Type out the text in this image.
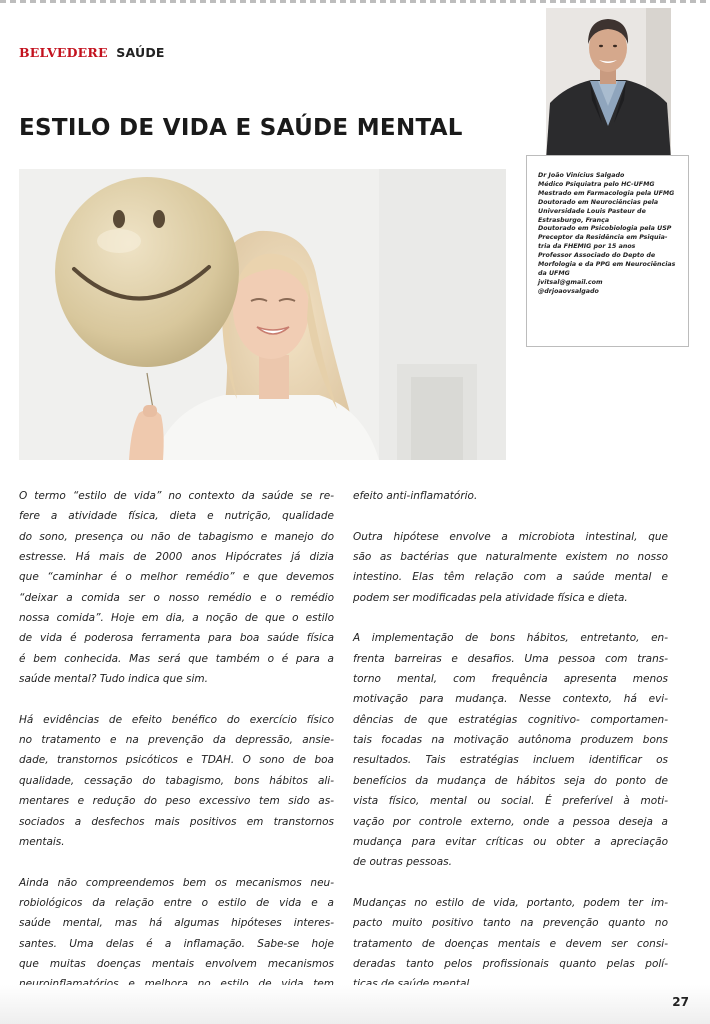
BELVEDERE SAÚDE
ESTILO DE VIDA E SAÚDE MENTAL
Dr João Vinícius Salgado
Médico Psiquiatra pelo HC-UFMG
Mestrado em Farmacologia pela UFMG
Doutorado em Neurociências pela
Universidade Louis Pasteur de
Estrasburgo, França
Doutorado em Psicobiologia pela USP
Preceptor da Residência em Psiquia-
tria da FHEMIG por 15 anos
Professor Associado do Depto de
Morfologia e da PPG em Neurociências
da UFMG
jvitsal@gmail.com
@drjoaovsalgado

O termo “estilo de vida” no contexto da saúde se re-
fere a atividade física, dieta e nutrição, qualidade
do sono, presença ou não de tabagismo e manejo do
estresse. Há mais de 2000 anos Hipócrates já dizia
que “caminhar é o melhor remédio” e que devemos
“deixar a comida ser o nosso remédio e o remédio
nossa comida”. Hoje em dia, a noção de que o estilo
de vida é poderosa ferramenta para boa saúde física
é bem conhecida. Mas será que também o é para a
saúde mental? Tudo indica que sim.

Há evidências de efeito benéfico do exercício físico
no tratamento e na prevenção da depressão, ansie-
dade, transtornos psicóticos e TDAH. O sono de boa
qualidade, cessação do tabagismo, bons hábitos ali-
mentares e redução do peso excessivo tem sido as-
sociados a desfechos mais positivos em transtornos
mentais.

Ainda não compreendemos bem os mecanismos neu-
robiológicos da relação entre o estilo de vida e a
saúde mental, mas há algumas hipóteses interes-
santes. Uma delas é a inflamação. Sabe-se hoje
que muitas doenças mentais envolvem mecanismos

efeito anti-inflamatório.

Outra hipótese envolve a microbiota intestinal, que
são as bactérias que naturalmente existem no nosso
intestino. Elas têm relação com a saúde mental e
podem ser modificadas pela atividade física e dieta.

A implementação de bons hábitos, entretanto, en-
frenta barreiras e desafios. Uma pessoa com trans-
torno mental, com frequência apresenta menos
motivação para mudança. Nesse contexto, há evi-
dências de que estratégias cognitivo- comportamen-
tais focadas na motivação autônoma produzem bons
resultados. Tais estratégias incluem identificar os
benefícios da mudança de hábitos seja do ponto de
vista físico, mental ou social. É preferível à moti-
vação por controle externo, onde a pessoa deseja a
mudança para evitar críticas ou obter a apreciação
de outras pessoas.

Mudanças no estilo de vida, portanto, podem ter im-
pacto muito positivo tanto na prevenção quanto no
tratamento de doenças mentais e devem ser consi-
deradas tanto pelos profissionais quanto pelas polí-

27
